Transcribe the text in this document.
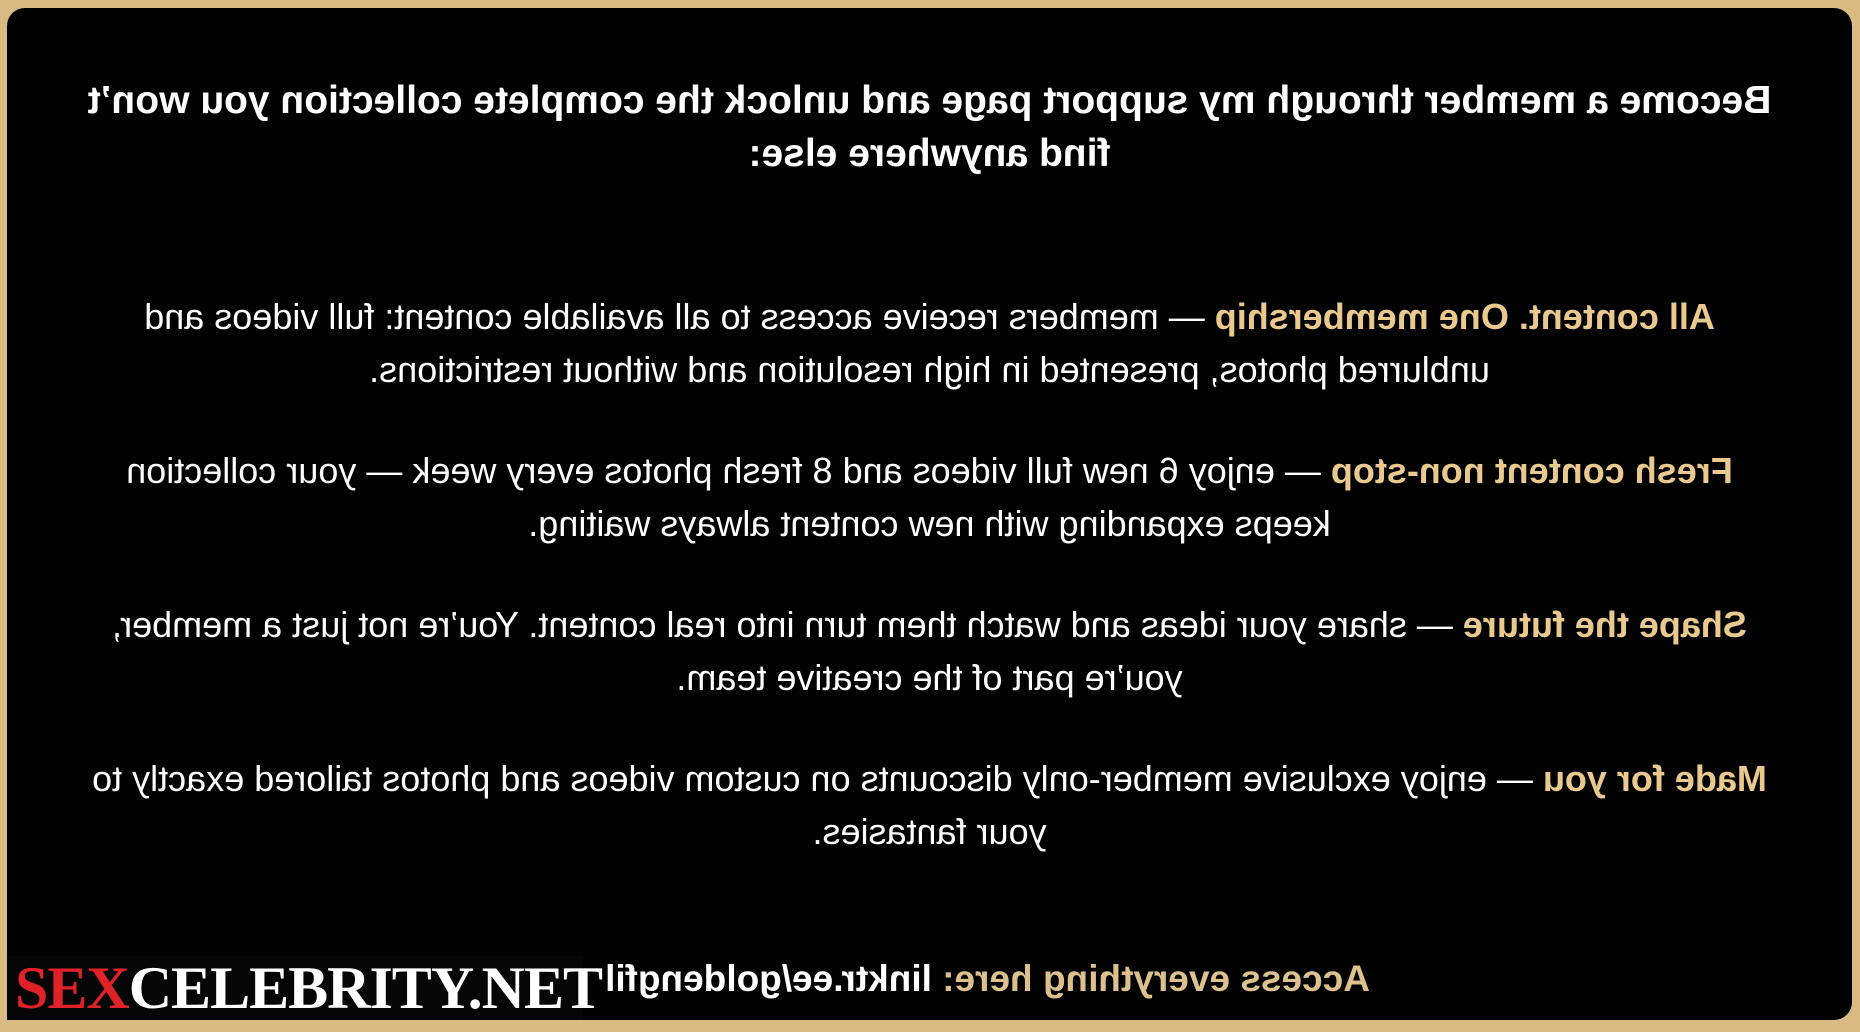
Become a member through my support page and unlock the complete collection you won’t find anywhere else:

All content. One membership — members receive access to all available content: full videos and unblurred photos, presented in high resolution and without restrictions.

Fresh content non-stop — enjoy 6 new full videos and 8 fresh photos every week — your collection keeps expanding with new content always waiting.

Shape the future — share your ideas and watch them turn into real content. You’re not just a member, you’re part of the creative team.

Made for you — enjoy exclusive member-only discounts on custom videos and photos tailored exactly to your fantasies.

Access everything here: linktr.ee/goldengfil
SEX CELEBRITY.NET
